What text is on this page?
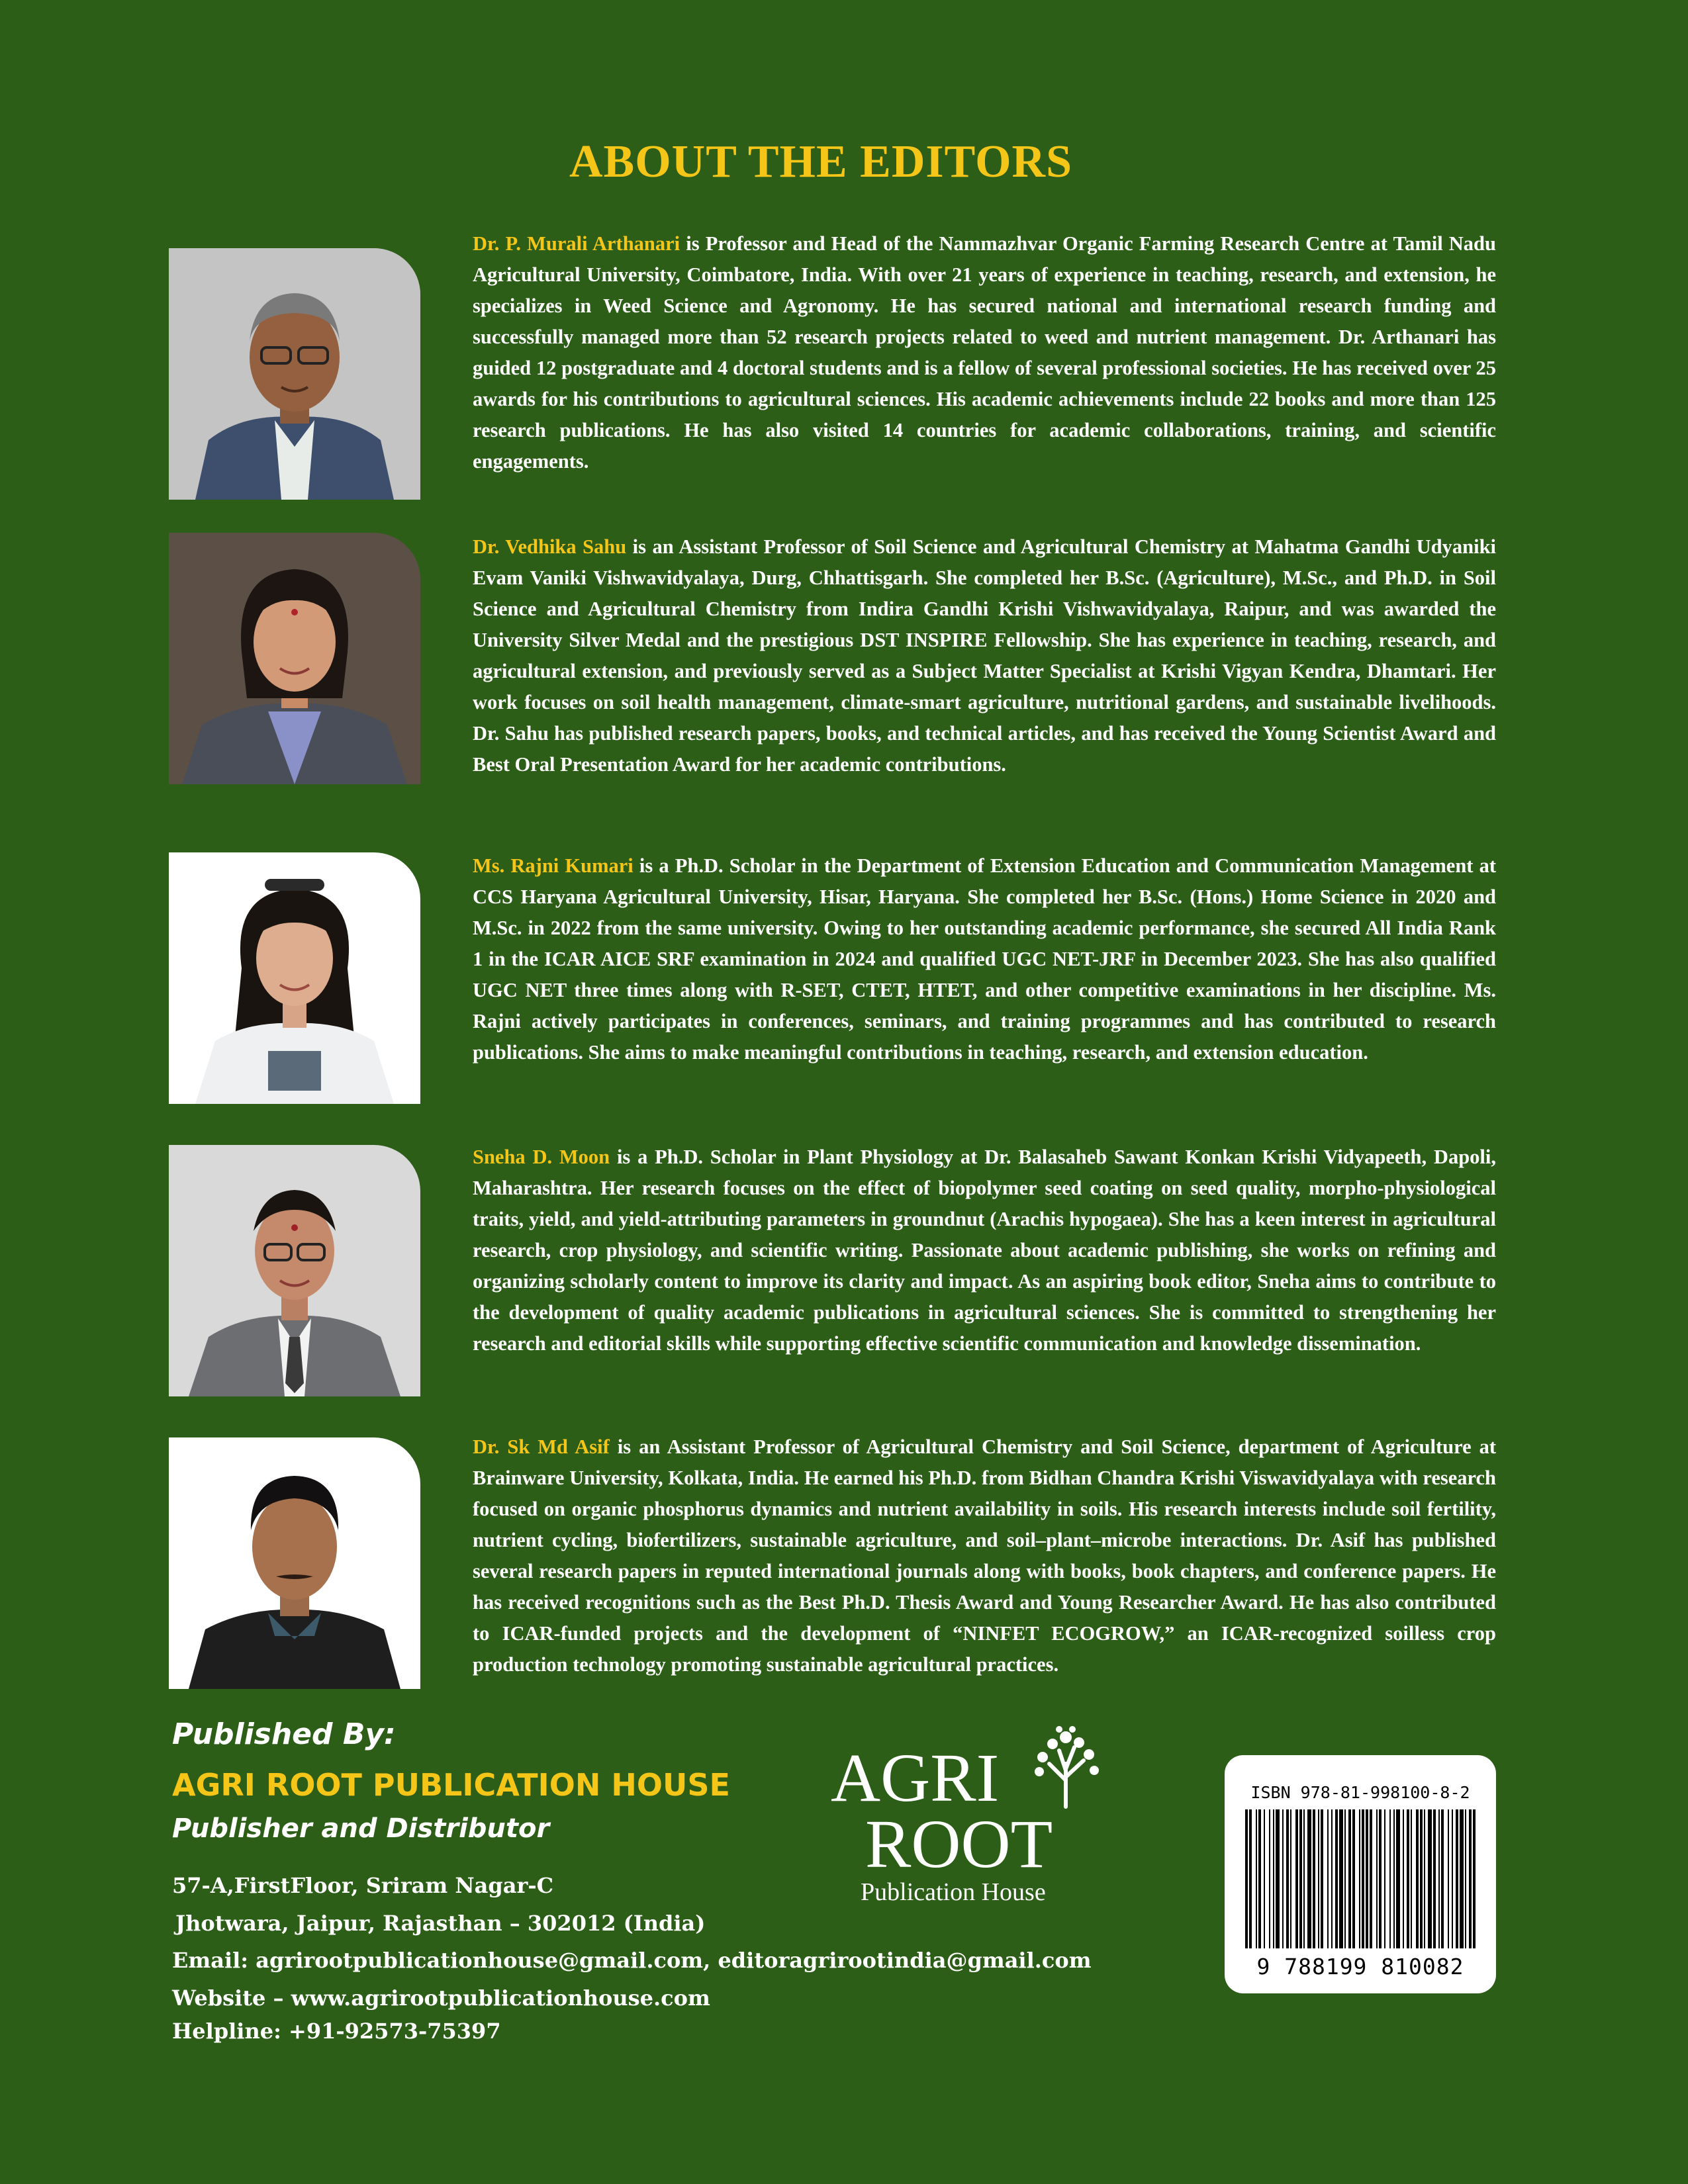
ABOUT THE EDITORS

Dr. P. Murali Arthanari is Professor and Head of the Nammazhvar Organic Farming Research Centre at Tamil Nadu Agricultural University, Coimbatore, India. With over 21 years of experience in teaching, research, and extension, he specializes in Weed Science and Agronomy. He has secured national and international research funding and successfully managed more than 52 research projects related to weed and nutrient management. Dr. Arthanari has guided 12 postgraduate and 4 doctoral students and is a fellow of several professional societies. He has received over 25 awards for his contributions to agricultural sciences. His academic achievements include 22 books and more than 125 research publications. He has also visited 14 countries for academic collaborations, training, and scientific engagements.

Dr. Vedhika Sahu is an Assistant Professor of Soil Science and Agricultural Chemistry at Mahatma Gandhi Udyaniki Evam Vaniki Vishwavidyalaya, Durg, Chhattisgarh. She completed her B.Sc. (Agriculture), M.Sc., and Ph.D. in Soil Science and Agricultural Chemistry from Indira Gandhi Krishi Vishwavidyalaya, Raipur, and was awarded the University Silver Medal and the prestigious DST INSPIRE Fellowship. She has experience in teaching, research, and agricultural extension, and previously served as a Subject Matter Specialist at Krishi Vigyan Kendra, Dhamtari. Her work focuses on soil health management, climate-smart agriculture, nutritional gardens, and sustainable livelihoods. Dr. Sahu has published research papers, books, and technical articles, and has received the Young Scientist Award and Best Oral Presentation Award for her academic contributions.

Ms. Rajni Kumari is a Ph.D. Scholar in the Department of Extension Education and Communication Management at CCS Haryana Agricultural University, Hisar, Haryana. She completed her B.Sc. (Hons.) Home Science in 2020 and M.Sc. in 2022 from the same university. Owing to her outstanding academic performance, she secured All India Rank 1 in the ICAR AICE SRF examination in 2024 and qualified UGC NET-JRF in December 2023. She has also qualified UGC NET three times along with R-SET, CTET, HTET, and other competitive examinations in her discipline. Ms. Rajni actively participates in conferences, seminars, and training programmes and has contributed to research publications. She aims to make meaningful contributions in teaching, research, and extension education.

Sneha D. Moon is a Ph.D. Scholar in Plant Physiology at Dr. Balasaheb Sawant Konkan Krishi Vidyapeeth, Dapoli, Maharashtra. Her research focuses on the effect of biopolymer seed coating on seed quality, morpho-physiological traits, yield, and yield-attributing parameters in groundnut (Arachis hypogaea). She has a keen interest in agricultural research, crop physiology, and scientific writing. Passionate about academic publishing, she works on refining and organizing scholarly content to improve its clarity and impact. As an aspiring book editor, Sneha aims to contribute to the development of quality academic publications in agricultural sciences. She is committed to strengthening her research and editorial skills while supporting effective scientific communication and knowledge dissemination.

Dr. Sk Md Asif is an Assistant Professor of Agricultural Chemistry and Soil Science, department of Agriculture at Brainware University, Kolkata, India. He earned his Ph.D. from Bidhan Chandra Krishi Viswavidyalaya with research focused on organic phosphorus dynamics and nutrient availability in soils. His research interests include soil fertility, nutrient cycling, biofertilizers, sustainable agriculture, and soil–plant–microbe interactions. Dr. Asif has published several research papers in reputed international journals along with books, book chapters, and conference papers. He has received recognitions such as the Best Ph.D. Thesis Award and Young Researcher Award. He has also contributed to ICAR-funded projects and the development of “NINFET ECOGROW,” an ICAR-recognized soilless crop production technology promoting sustainable agricultural practices.

Published By:
AGRI ROOT PUBLICATION HOUSE
Publisher and Distributor
57-A,FirstFloor, Sriram Nagar-C
Jhotwara, Jaipur, Rajasthan – 302012 (India)
Email: agrirootpublicationhouse@gmail.com, editoragrirootindia@gmail.com
Website – www.agrirootpublicationhouse.com
Helpline: +91-92573-75397
AGRI
ROOT
Publication House
ISBN 978-81-998100-8-2
9 788199 810082
